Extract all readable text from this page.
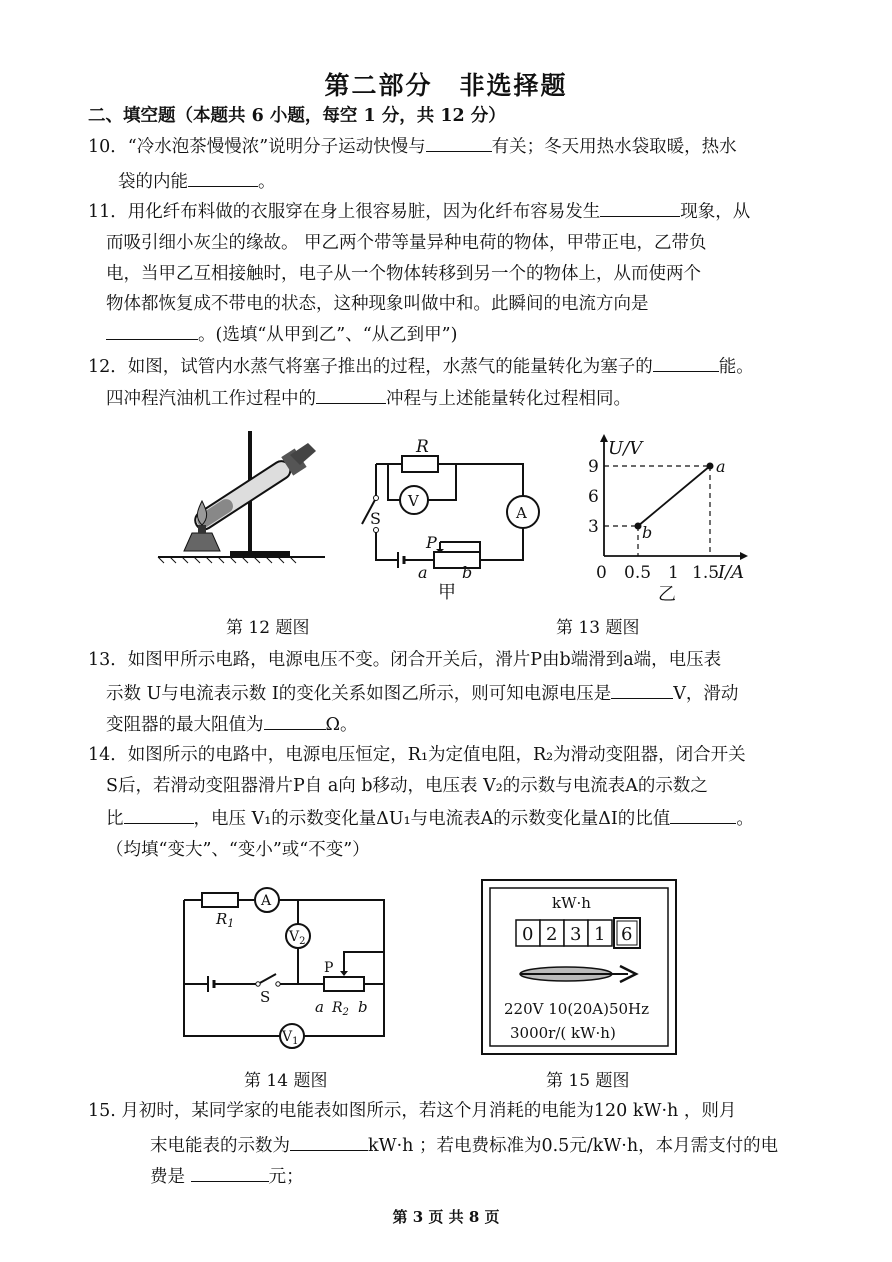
第二部分　非选择题
二、填空题（本题共 6 小题，每空 1 分，共 12 分）
10．“冷水泡茶慢慢浓”说明分子运动快慢与	有关；冬天用热水袋取暖，热水
袋的内能	。
11．用化纤布料做的衣服穿在身上很容易脏，因为化纤布容易发生	现象，从
而吸引细小灰尘的缘故。 甲乙两个带等量异种电荷的物体，甲带正电，乙带负
电，当甲乙互相接触时，电子从一个物体转移到另一个的物体上，从而使两个
物体都恢复成不带电的状态，这种现象叫做中和。此瞬间的电流方向是
。(选填“从甲到乙”、“从乙到甲”)
12．如图，试管内水蒸气将塞子推出的过程，水蒸气的能量转化为塞子的	能。
四冲程汽油机工作过程中的	冲程与上述能量转化过程相同。
第 12 题图
R
V
A
S
P
a b
甲
U/V
I/A
a
b
9
6
3
0 0.5 1 1.5
乙
第 13 题图
13．如图甲所示电路，电源电压不变。闭合开关后，滑片P由b端滑到a端，电压表
示数 U与电流表示数 I的变化关系如图乙所示，则可知电源电压是	V，滑动
变阻器的最大阻值为	Ω。
14．如图所示的电路中，电源电压恒定，R₁为定值电阻，R₂为滑动变阻器，闭合开关
S后，若滑动变阻器滑片P自 a向 b移动，电压表 V₂的示数与电流表A的示数之
比	，电压 V₁的示数变化量ΔU₁与电流表A的示数变化量ΔI的比值	。
（均填“变大”、“变小”或“不变”）
$R_1$
A
$V_2$
$V_1$
S
P
a $R_2$ b
第 14 题图
kW·h
0 2 3 1 6
220V 10(20A)50Hz
3000r/( kW·h)
第 15 题图
15. 月初时，某同学家的电能表如图所示，若这个月消耗的电能为120 kW·h ，则月
末电能表的示数为	kW·h ；若电费标准为0.5元/kW·h，本月需支付的电
费是	元；
第 3 页 共 8 页
